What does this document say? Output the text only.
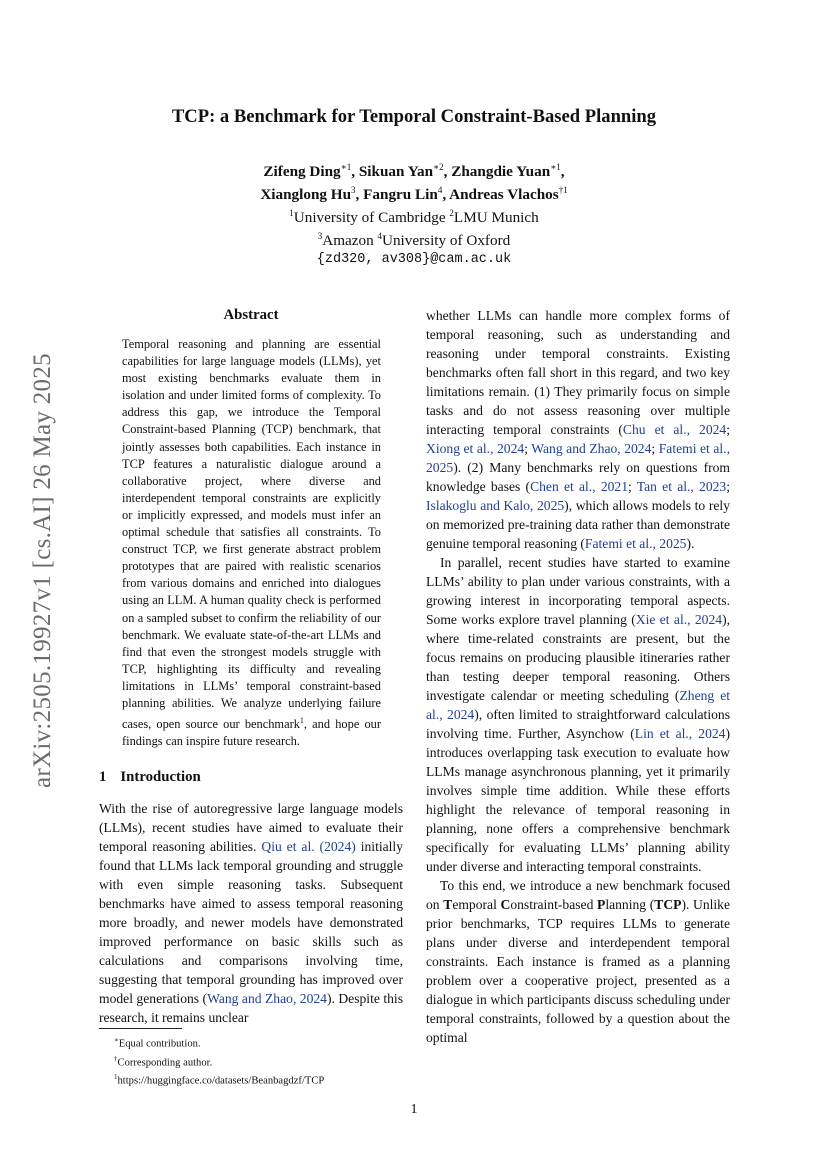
arXiv:2505.19927v1 [cs.AI] 26 May 2025
TCP: a Benchmark for Temporal Constraint-Based Planning
Zifeng Ding$^{∗1}$, Sikuan Yan$^{∗2}$, Zhangdie Yuan$^{∗1}$,
Xianglong Hu$^3$, Fangru Lin$^4$, Andreas Vlachos$^{\dagger 1}$
$^1$University of Cambridge $^2$LMU Munich
$^3$Amazon $^4$University of Oxford
{zd320, av308}@cam.ac.uk
Abstract
Temporal reasoning and planning are essential capabilities for large language models (LLMs), yet most existing benchmarks evaluate them in isolation and under limited forms of complexity. To address this gap, we introduce the Temporal Constraint-based Planning (TCP) benchmark, that jointly assesses both capabilities. Each instance in TCP features a naturalistic dialogue around a collaborative project, where diverse and interdependent temporal constraints are explicitly or implicitly expressed, and models must infer an optimal schedule that satisfies all constraints. To construct TCP, we first generate abstract problem prototypes that are paired with realistic scenarios from various domains and enriched into dialogues using an LLM. A human quality check is performed on a sampled subset to confirm the reliability of our benchmark. We evaluate state-of-the-art LLMs and find that even the strongest models struggle with TCP, highlighting its difficulty and revealing limitations in LLMs’ temporal constraint-based planning abilities. We analyze underlying failure cases, open source our benchmark$^1$, and hope our findings can inspire future research.
1 Introduction

With the rise of autoregressive large language models (LLMs), recent studies have aimed to evaluate their temporal reasoning abilities. Qiu et al. (2024) initially found that LLMs lack temporal grounding and struggle with even simple reasoning tasks. Subsequent benchmarks have aimed to assess temporal reasoning more broadly, and newer models have demonstrated improved performance on basic skills such as calculations and comparisons involving time, suggesting that temporal grounding has improved over model generations (Wang and Zhao, 2024). Despite this research, it remains unclear

whether LLMs can handle more complex forms of temporal reasoning, such as understanding and reasoning under temporal constraints. Existing benchmarks often fall short in this regard, and two key limitations remain. (1) They primarily focus on simple tasks and do not assess reasoning over multiple interacting temporal constraints (Chu et al., 2024; Xiong et al., 2024; Wang and Zhao, 2024; Fatemi et al., 2025). (2) Many benchmarks rely on questions from knowledge bases (Chen et al., 2021; Tan et al., 2023; Islakoglu and Kalo, 2025), which allows models to rely on memorized pre-training data rather than demonstrate genuine temporal reasoning (Fatemi et al., 2025).

In parallel, recent studies have started to examine LLMs’ ability to plan under various constraints, with a growing interest in incorporating temporal aspects. Some works explore travel planning (Xie et al., 2024), where time-related constraints are present, but the focus remains on producing plausible itineraries rather than testing deeper temporal reasoning. Others investigate calendar or meeting scheduling (Zheng et al., 2024), often limited to straightforward calculations involving time. Further, Asynchow (Lin et al., 2024) introduces overlapping task execution to evaluate how LLMs manage asynchronous planning, yet it primarily involves simple time addition. While these efforts highlight the relevance of temporal reasoning in planning, none offers a comprehensive benchmark specifically for evaluating LLMs’ planning ability under diverse and interacting temporal constraints.

To this end, we introduce a new benchmark focused on Temporal Constraint-based Planning (TCP). Unlike prior benchmarks, TCP requires LLMs to generate plans under diverse and interdependent temporal constraints. Each instance is framed as a planning problem over a cooperative project, presented as a dialogue in which participants discuss scheduling under temporal constraints, followed by a question about the optimal

∗Equal contribution.
†Corresponding author.
$^1$https://huggingface.co/datasets/Beanbagdzf/TCP
1
